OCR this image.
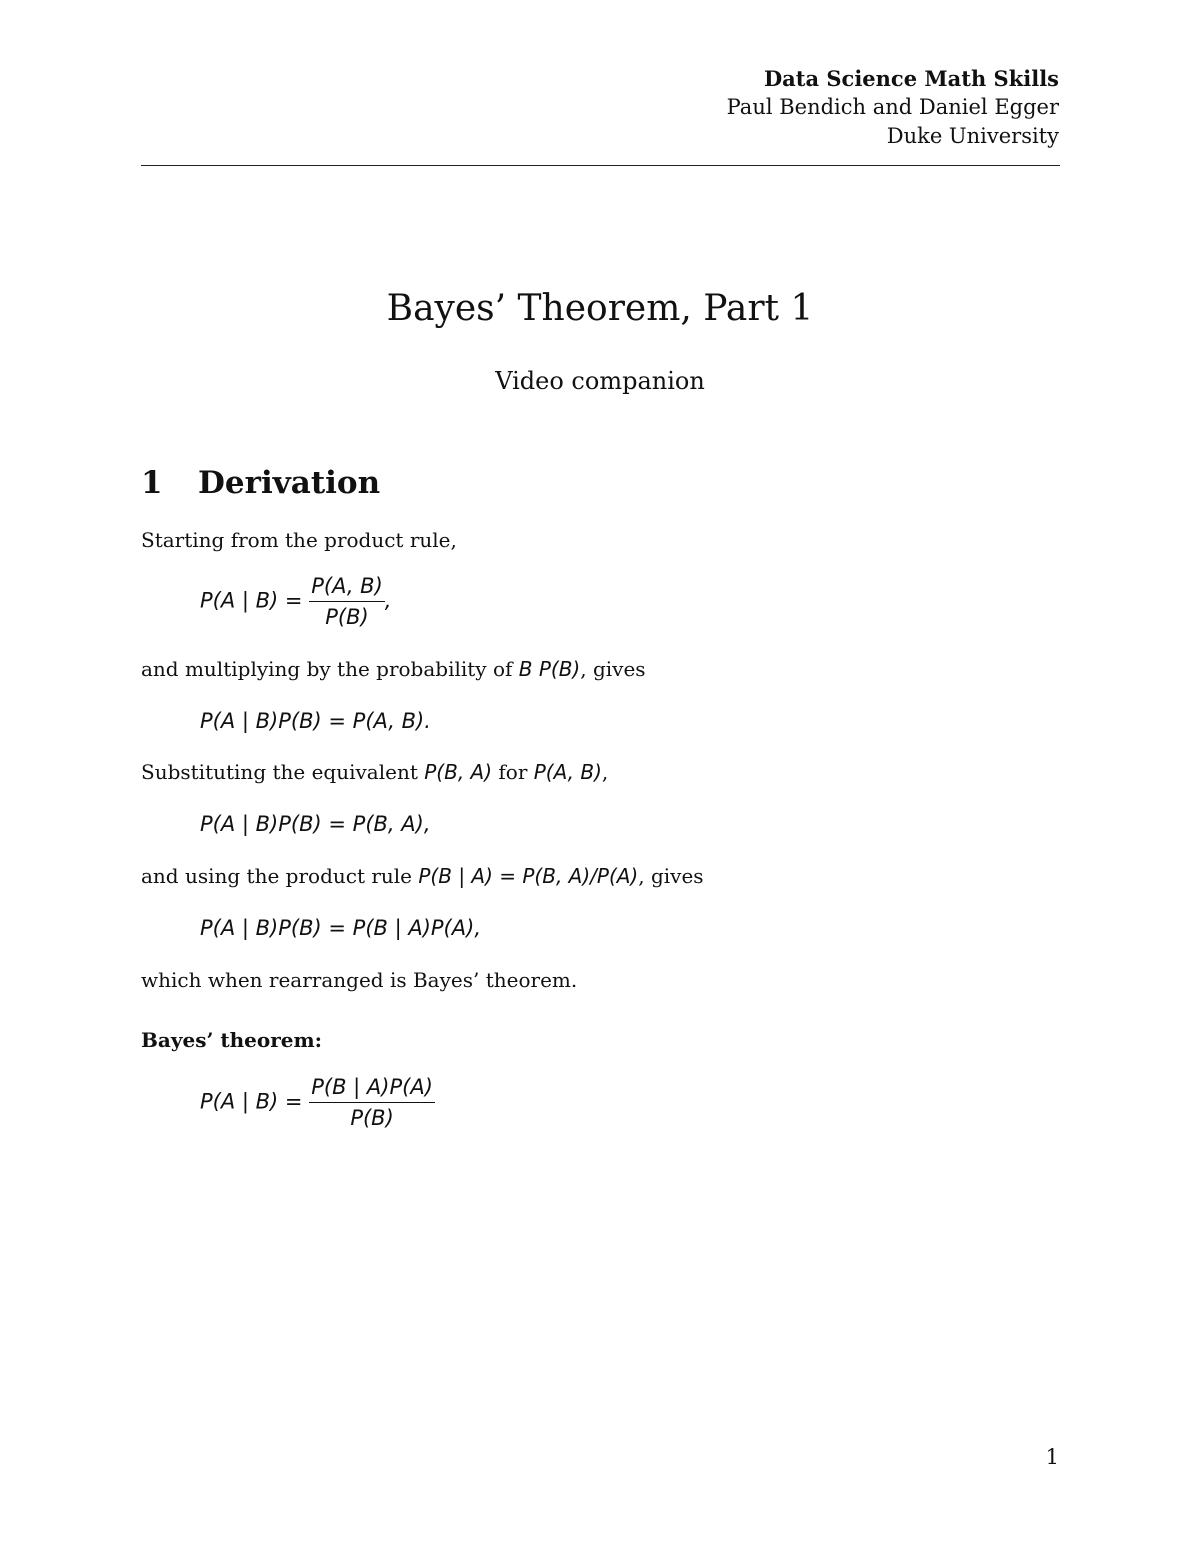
Data Science Math Skills
Paul Bendich and Daniel Egger
Duke University
Bayes’ Theorem, Part 1
Video companion
1 Derivation
Starting from the product rule,
P(A | $B) = \frac{P(A, B)}{P(B)}$ ,
and multiplying by the probability of B P(B), gives
P(A | B)P(B) = P(A, B).
Substituting the equivalent P(B, A) for P(A, B),
P(A | B)P(B) = P(B, A),
and using the product rule P(B | A) = P(B, A)/P(A), gives
P(A | B)P(B) = P(B | A)P(A),
which when rearranged is Bayes’ theorem.
Bayes’ theorem:
P(A | $B) = \frac{P(B | A)P(A)}{P(B)}$
1
